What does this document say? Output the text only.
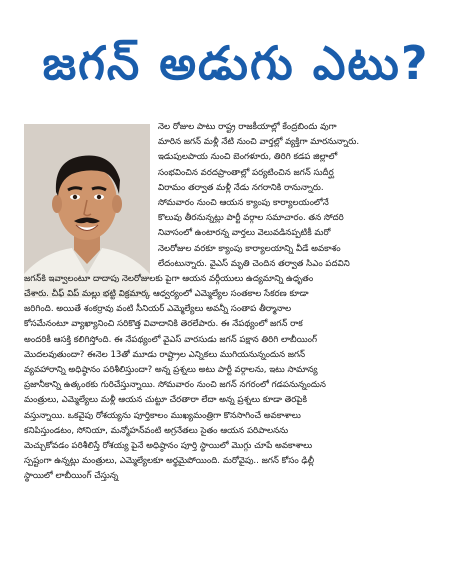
జగన్ అడుగు ఎటు?
నెల రోజుల పాటు రాష్ట్ర రాజకీయాల్లో కేంద్రబిందు వుగా
మారిన జగన్ మళ్లీ నేటి నుంచి వార్తల్లో వ్యక్తిగా మారనున్నారు.
ఇడుపులపాయ నుంచి బెంగళూరు, తిరిగి కడప జిల్లాలో
సంభవించిన వరదప్రాంతాల్లో పర్యటించిన జగన్ సుదీర్ఘ
విరామం తర్వాత మళ్లీ నేడు నగరానికి రానున్నారు.
సోమవారం నుంచి ఆయన క్యాంపు కార్యాలయంలోనే
కొలువు తీరనున్నట్లు పార్టీ వర్గాల సమాచారం. తన సోదరి
నివాసంలో ఉంటారన్న వార్తలు వెలువడినప్పటికీ మరో
నెలరోజుల వరకూ క్యాంపు కార్యాలయాన్ని వీడే అవకాశం
లేదంటున్నారు. వైఎస్ మృతి చెందిన తర్వాత సిఎం పదవిని
జగన్‌కి ఇవ్వాలంటూ దాదాపు నెలరోజులకు పైగా ఆయన వర్గీయులు ఉద్యమాన్ని ఉధృతం
చేశారు. చీఫ్ విప్ మల్లు భట్టి విక్రమార్క ఆధ్వర్యంలో ఎమ్మెల్యేల సంతకాల సేకరణ కూడా
జరిగింది. అయితే శంకర్రావు వంటి సీనియర్ ఎమ్మెల్యేలు అవన్నీ సంతాప తీర్మానాల
కోసమేనంటూ వ్యాఖ్యానించి సరికొత్త వివాదానికి తెరలేపారు. ఈ నేపథ్యంలో జగన్ రాక
అందరికీ ఆసక్తి కలిగిస్తోంది. ఈ నేపథ్యంలో వైఎస్ వారసుడు జగన్ పక్షాన తిరిగి లాబీయింగ్
మొదలవుతుందా? ఈనెల 13తో మూడు రాష్ట్రాల ఎన్నికలు ముగియనున్నందున జగన్
వ్యవహారాన్ని అధిష్ఠానం పరిశీలిస్తుందా? అన్న ప్రశ్నలు అటు పార్టీ వర్గాలను, ఇటు సామాన్య
ప్రజానీకాన్ని ఉత్కంఠకు గురిచేస్తున్నాయి. సోమవారం నుంచి జగన్ నగరంలో గడపనున్నందున
మంత్రులు, ఎమ్మెల్యేలు మళ్లీ ఆయన చుట్టూ చేరతారా లేదా అన్న ప్రశ్నలు కూడా తెరపైకి
వస్తున్నాయి. ఒకవైపు రోశయ్యను పూర్తికాలం ముఖ్యమంత్రిగా కొనసాగించే అవకాశాలు
కనిపిస్తుండటం, సోనియా, మన్మోహన్‌వంటి అగ్రనేతలు సైతం ఆయన పరిపాలనను
మెచ్చుకోవడం పరిశీలిస్తే రోశయ్య పైనే అధిష్ఠానం పూర్తి స్థాయిలో మొగ్గు చూపే అవకాశాలు
స్పష్టంగా ఉన్నట్లు మంత్రులు, ఎమ్మెల్యేలకూ అర్థమైపోయింది. మరోవైపు.. జగన్ కోసం ఢిల్లీ
స్థాయిలో లాబీయింగ్ చేస్తున్న
